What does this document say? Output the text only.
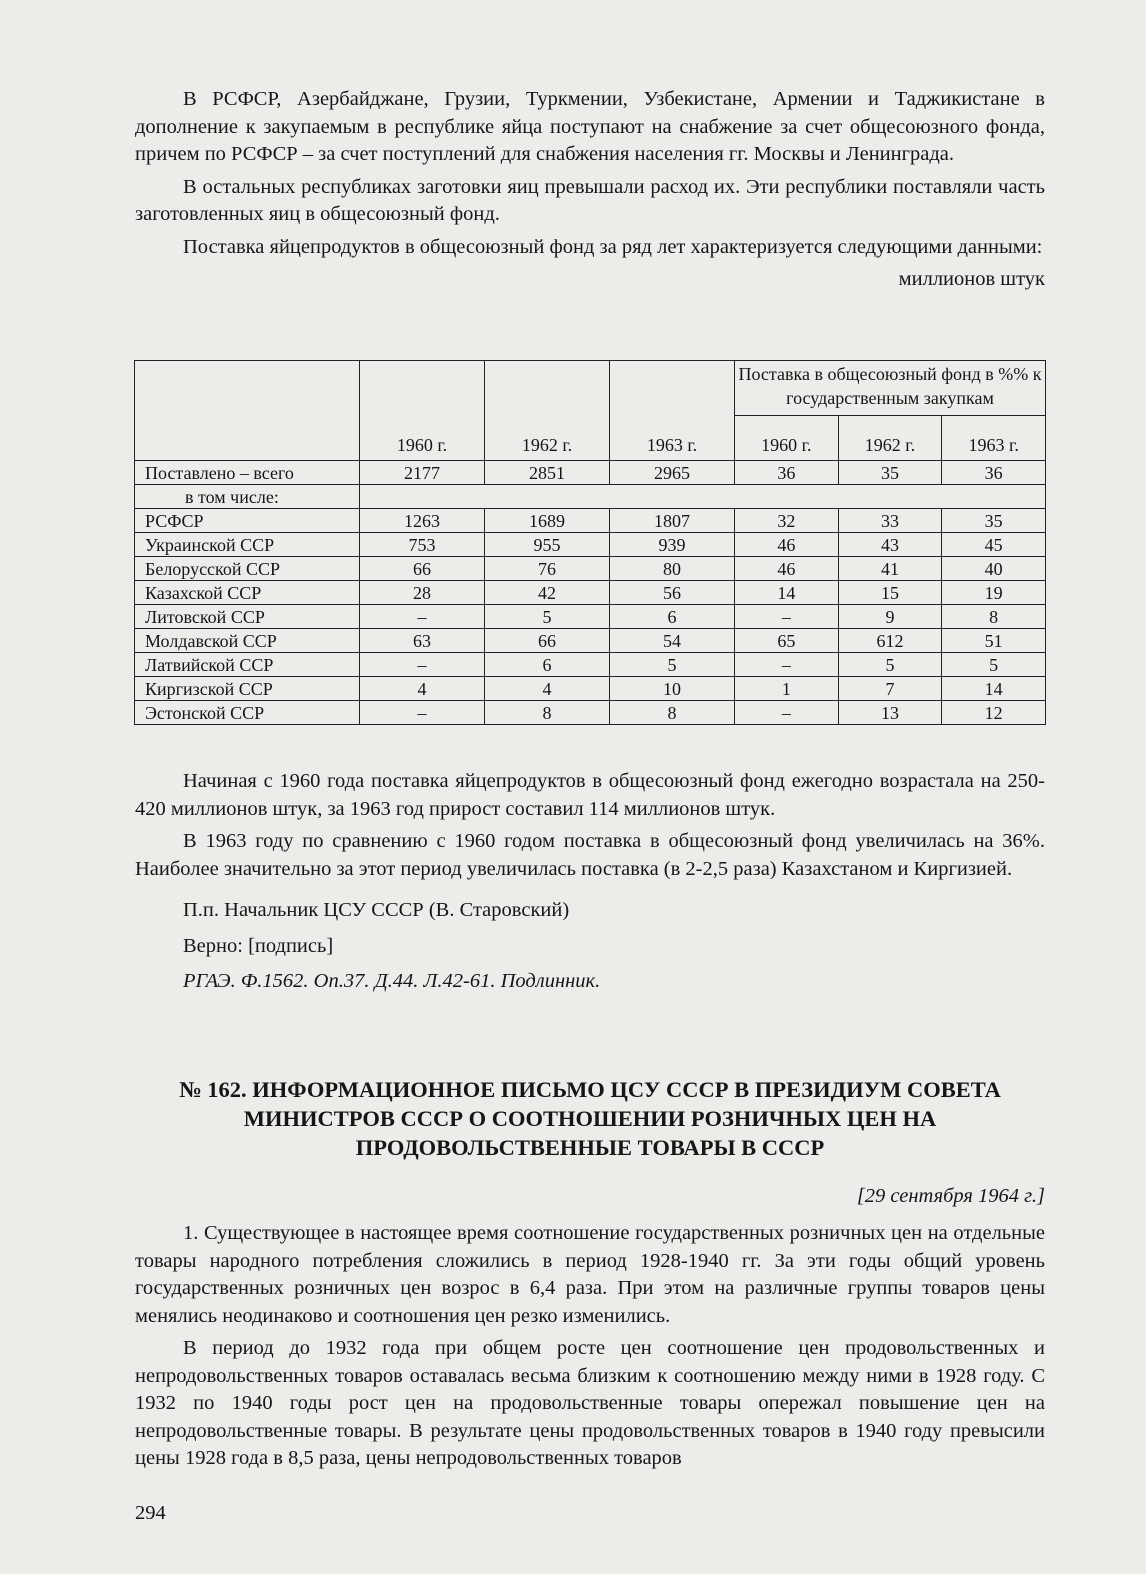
В РСФСР, Азербайджане, Грузии, Туркмении, Узбекистане, Армении и Таджикистане в дополнение к закупаемым в республике яйца поступают на снабжение за счет общесоюзного фонда, причем по РСФСР – за счет поступлений для снабжения населения гг. Москвы и Ленинграда.

В остальных республиках заготовки яиц превышали расход их. Эти республики поставляли часть заготовленных яиц в общесоюзный фонд.

Поставка яйцепродуктов в общесоюзный фонд за ряд лет характеризуется следующими данными:

миллионов штук
	1960 г.	1962 г.	1963 г.	Поставка в общесоюзный фонд в %% к государственным закупкам		
				1960 г.	1962 г.	1963 г.
Поставлено – всего	2177	2851	2965	36	35	36
в том числе:						
РСФСР	1263	1689	1807	32	33	35
Украинской ССР	753	955	939	46	43	45
Белорусской ССР	66	76	80	46	41	40
Казахской ССР	28	42	56	14	15	19
Литовской ССР	–	5	6	–	9	8
Молдавской ССР	63	66	54	65	612	51
Латвийской ССР	–	6	5	–	5	5
Киргизской ССР	4	4	10	1	7	14
Эстонской ССР	–	8	8	–	13	12

Начиная с 1960 года поставка яйцепродуктов в общесоюзный фонд ежегодно возрастала на 250-420 миллионов штук, за 1963 год прирост составил 114 миллионов штук.

В 1963 году по сравнению с 1960 годом поставка в общесоюзный фонд увеличилась на 36%. Наиболее значительно за этот период увеличилась поставка (в 2-2,5 раза) Казахстаном и Киргизией.

П.п. Начальник ЦСУ СССР (В. Старовский)

Верно: [подпись]

РГАЭ. Ф.1562. Оп.37. Д.44. Л.42-61. Подлинник.

№ 162. ИНФОРМАЦИОННОЕ ПИСЬМО ЦСУ СССР В ПРЕЗИДИУМ СОВЕТА МИНИСТРОВ СССР О СООТНОШЕНИИ РОЗНИЧНЫХ ЦЕН НА ПРОДОВОЛЬСТВЕННЫЕ ТОВАРЫ В СССР
[29 сентября 1964 г.]

1. Существующее в настоящее время соотношение государственных розничных цен на отдельные товары народного потребления сложились в период 1928-1940 гг. За эти годы общий уровень государственных розничных цен возрос в 6,4 раза. При этом на различные группы товаров цены менялись неодинаково и соотношения цен резко изменились.

В период до 1932 года при общем росте цен соотношение цен продовольственных и непродовольственных товаров оставалась весьма близким к соотношению между ними в 1928 году. С 1932 по 1940 годы рост цен на продовольственные товары опережал повышение цен на непродовольственные товары. В результате цены продовольственных товаров в 1940 году превысили цены 1928 года в 8,5 раза, цены непродовольственных товаров

294
